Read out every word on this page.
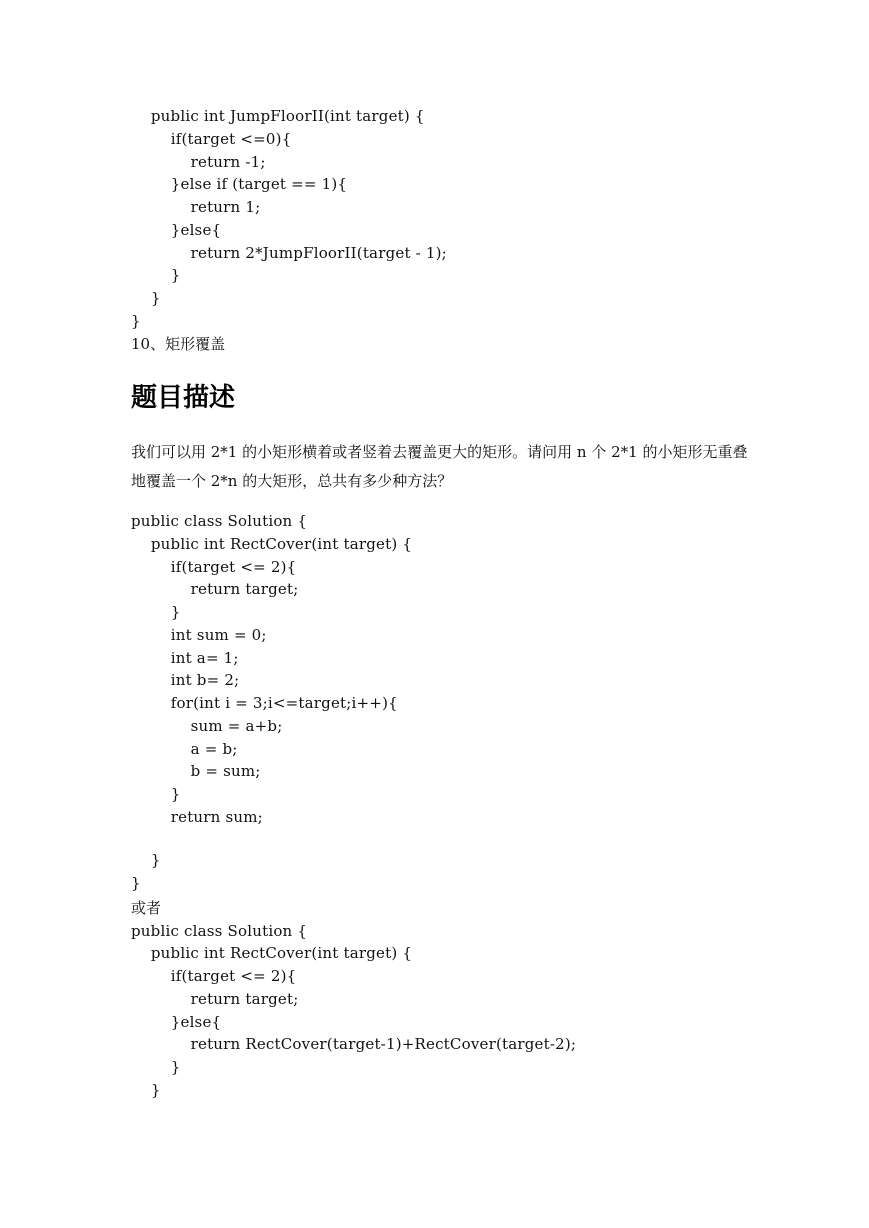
public int JumpFloorII(int target) {
if(target <=0){
return -1;
}else if (target == 1){
return 1;
}else{
return 2*JumpFloorII(target - 1);
}
}
}
10、矩形覆盖
题目描述
我们可以用 2*1 的小矩形横着或者竖着去覆盖更大的矩形。请问用 n 个 2*1 的小矩形无重叠地覆盖一个 2*n 的大矩形，总共有多少种方法？
public class Solution {
public int RectCover(int target) {
if(target <= 2){
return target;
}
int sum = 0;
int a= 1;
int b= 2;
for(int i = 3;i<=target;i++){
sum = a+b;
a = b;
b = sum;
}
return sum;
}
}
或者
public class Solution {
public int RectCover(int target) {
if(target <= 2){
return target;
}else{
return RectCover(target-1)+RectCover(target-2);
}
}
